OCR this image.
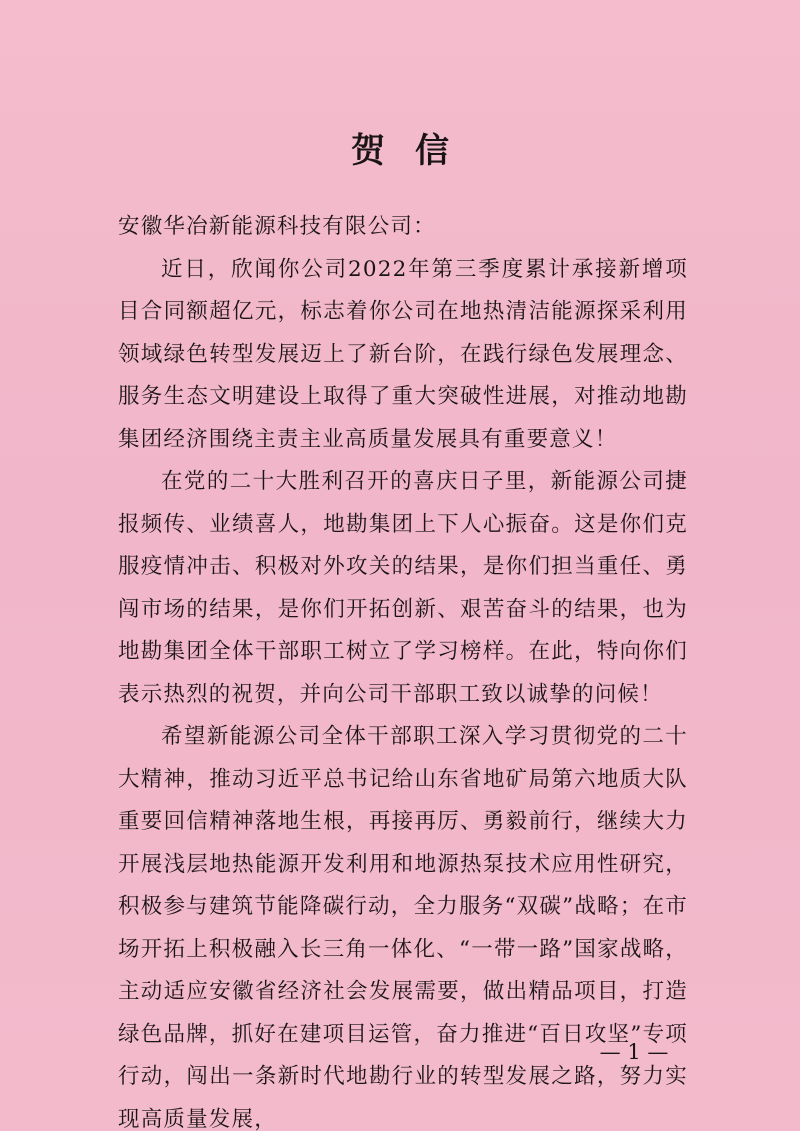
贺信

安徽华冶新能源科技有限公司：

近日，欣闻你公司2022年第三季度累计承接新增项目合同额超亿元，标志着你公司在地热清洁能源探采利用领域绿色转型发展迈上了新台阶，在践行绿色发展理念、服务生态文明建设上取得了重大突破性进展，对推动地勘集团经济围绕主责主业高质量发展具有重要意义！

在党的二十大胜利召开的喜庆日子里，新能源公司捷报频传、业绩喜人，地勘集团上下人心振奋。这是你们克服疫情冲击、积极对外攻关的结果，是你们担当重任、勇闯市场的结果，是你们开拓创新、艰苦奋斗的结果，也为地勘集团全体干部职工树立了学习榜样。在此，特向你们表示热烈的祝贺，并向公司干部职工致以诚挚的问候！

希望新能源公司全体干部职工深入学习贯彻党的二十大精神，推动习近平总书记给山东省地矿局第六地质大队重要回信精神落地生根，再接再厉、勇毅前行，继续大力开展浅层地热能源开发利用和地源热泵技术应用性研究，积极参与建筑节能降碳行动，全力服务“双碳”战略；在市场开拓上积极融入长三角一体化、“一带一路”国家战略，主动适应安徽省经济社会发展需要，做出精品项目，打造绿色品牌，抓好在建项目运管，奋力推进“百日攻坚”专项行动，闯出一条新时代地勘行业的转型发展之路，努力实现高质量发展，

— 1 —
